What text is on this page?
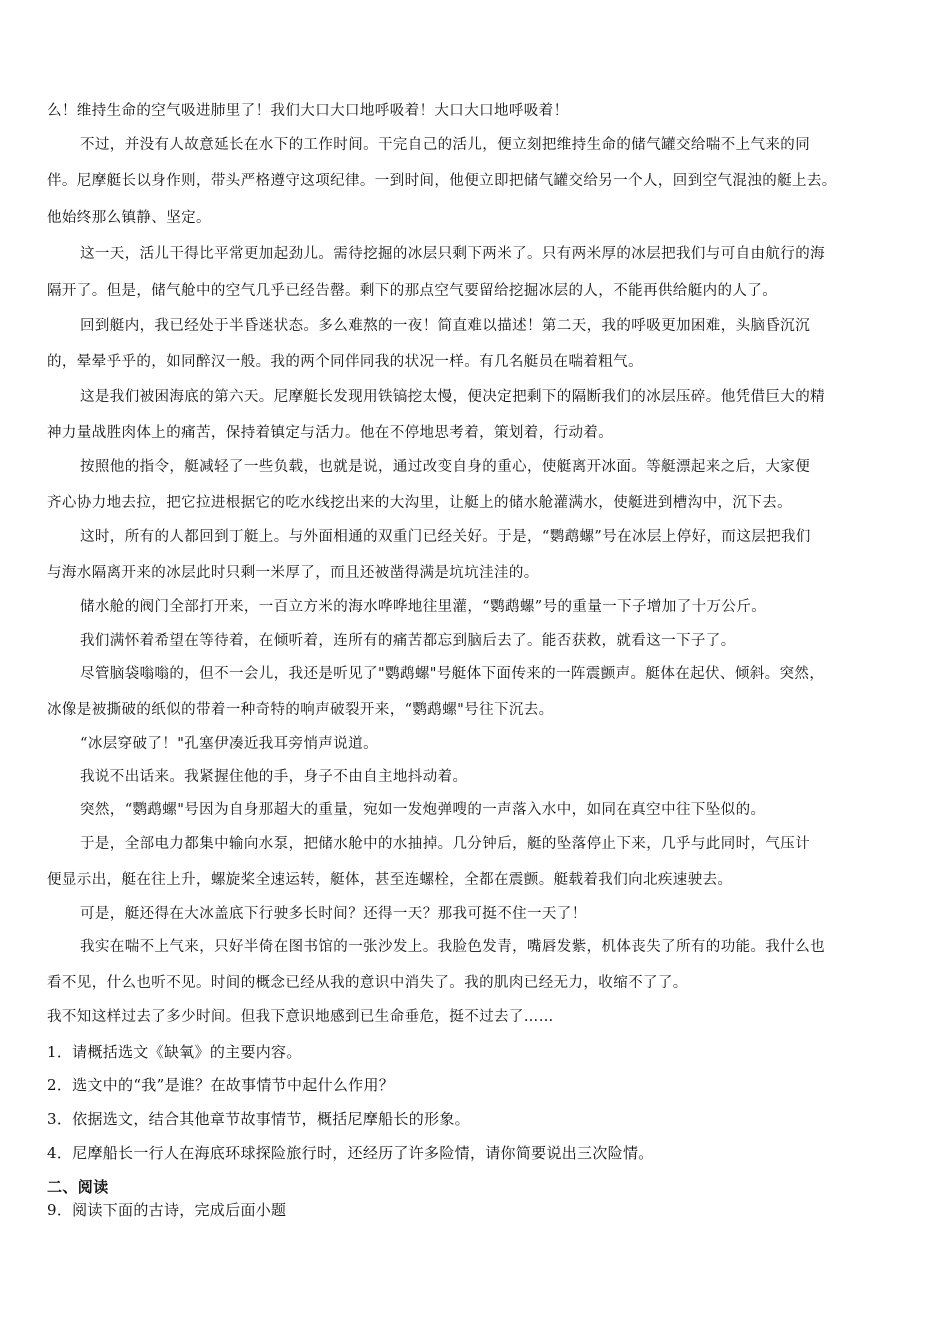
么！维持生命的空气吸进肺里了！我们大口大口地呼吸着！大口大口地呼吸着！
不过，并没有人故意延长在水下的工作时间。干完自己的活儿，便立刻把维持生命的储气罐交给喘不上气来的同
伴。尼摩艇长以身作则，带头严格遵守这项纪律。一到时间，他便立即把储气罐交给另一个人，回到空气混浊的艇上去。
他始终那么镇静、坚定。
这一天，活儿干得比平常更加起劲儿。需待挖掘的冰层只剩下两米了。只有两米厚的冰层把我们与可自由航行的海
隔开了。但是，储气舱中的空气几乎已经告罄。剩下的那点空气要留给挖掘冰层的人，不能再供给艇内的人了。
回到艇内，我已经处于半昏迷状态。多么难熬的一夜！简直难以描述！第二天，我的呼吸更加困难，头脑昏沉沉
的，晕晕乎乎的，如同醉汉一般。我的两个同伴同我的状况一样。有几名艇员在喘着粗气。
这是我们被困海底的第六天。尼摩艇长发现用铁镐挖太慢，便决定把剩下的隔断我们的冰层压碎。他凭借巨大的精
神力量战胜肉体上的痛苦，保持着镇定与活力。他在不停地思考着，策划着，行动着。
按照他的指令，艇减轻了一些负载，也就是说，通过改变自身的重心，使艇离开冰面。等艇漂起来之后，大家便
齐心协力地去拉，把它拉进根据它的吃水线挖出来的大沟里，让艇上的储水舱灌满水，使艇进到槽沟中，沉下去。
这时，所有的人都回到丁艇上。与外面相通的双重门已经关好。于是，“鹦鹉螺”号在冰层上停好，而这层把我们
与海水隔离开来的冰层此时只剩一米厚了，而且还被凿得满是坑坑洼洼的。
储水舱的阀门全部打开来，一百立方米的海水哗哗地往里灌，“鹦鹉螺”号的重量一下子增加了十万公斤。
我们满怀着希望在等待着，在倾听着，连所有的痛苦都忘到脑后去了。能否获救，就看这一下子了。
尽管脑袋嗡嗡的，但不一会儿，我还是听见了"鹦鹉螺"号艇体下面传来的一阵震颤声。艇体在起伏、倾斜。突然，
冰像是被撕破的纸似的带着一种奇特的响声破裂开来，“鹦鹉螺"号往下沉去。
“冰层穿破了！"孔塞伊凑近我耳旁悄声说道。
我说不出话来。我紧握住他的手，身子不由自主地抖动着。
突然，“鹦鹉螺"号因为自身那超大的重量，宛如一发炮弹嗖的一声落入水中，如同在真空中往下坠似的。
于是，全部电力都集中输向水泵，把储水舱中的水抽掉。几分钟后，艇的坠落停止下来，几乎与此同时，气压计
便显示出，艇在往上升，螺旋桨全速运转，艇体，甚至连螺栓，全都在震颤。艇载着我们向北疾速驶去。
可是，艇还得在大冰盖底下行驶多长时间？还得一天？那我可挺不住一天了！
我实在喘不上气来，只好半倚在图书馆的一张沙发上。我脸色发青，嘴唇发紫，机体丧失了所有的功能。我什么也
看不见，什么也听不见。时间的概念已经从我的意识中消失了。我的肌肉已经无力，收缩不了了。
我不知这样过去了多少时间。但我下意识地感到已生命垂危，挺不过去了……
1．请概括选文《缺氧》的主要内容。
2．选文中的“我”是谁？在故事情节中起什么作用？
3．依据选文，结合其他章节故事情节，概括尼摩船长的形象。
4．尼摩船长一行人在海底环球探险旅行时，还经历了许多险情，请你简要说出三次险情。
二、阅读
9．阅读下面的古诗，完成后面小题
